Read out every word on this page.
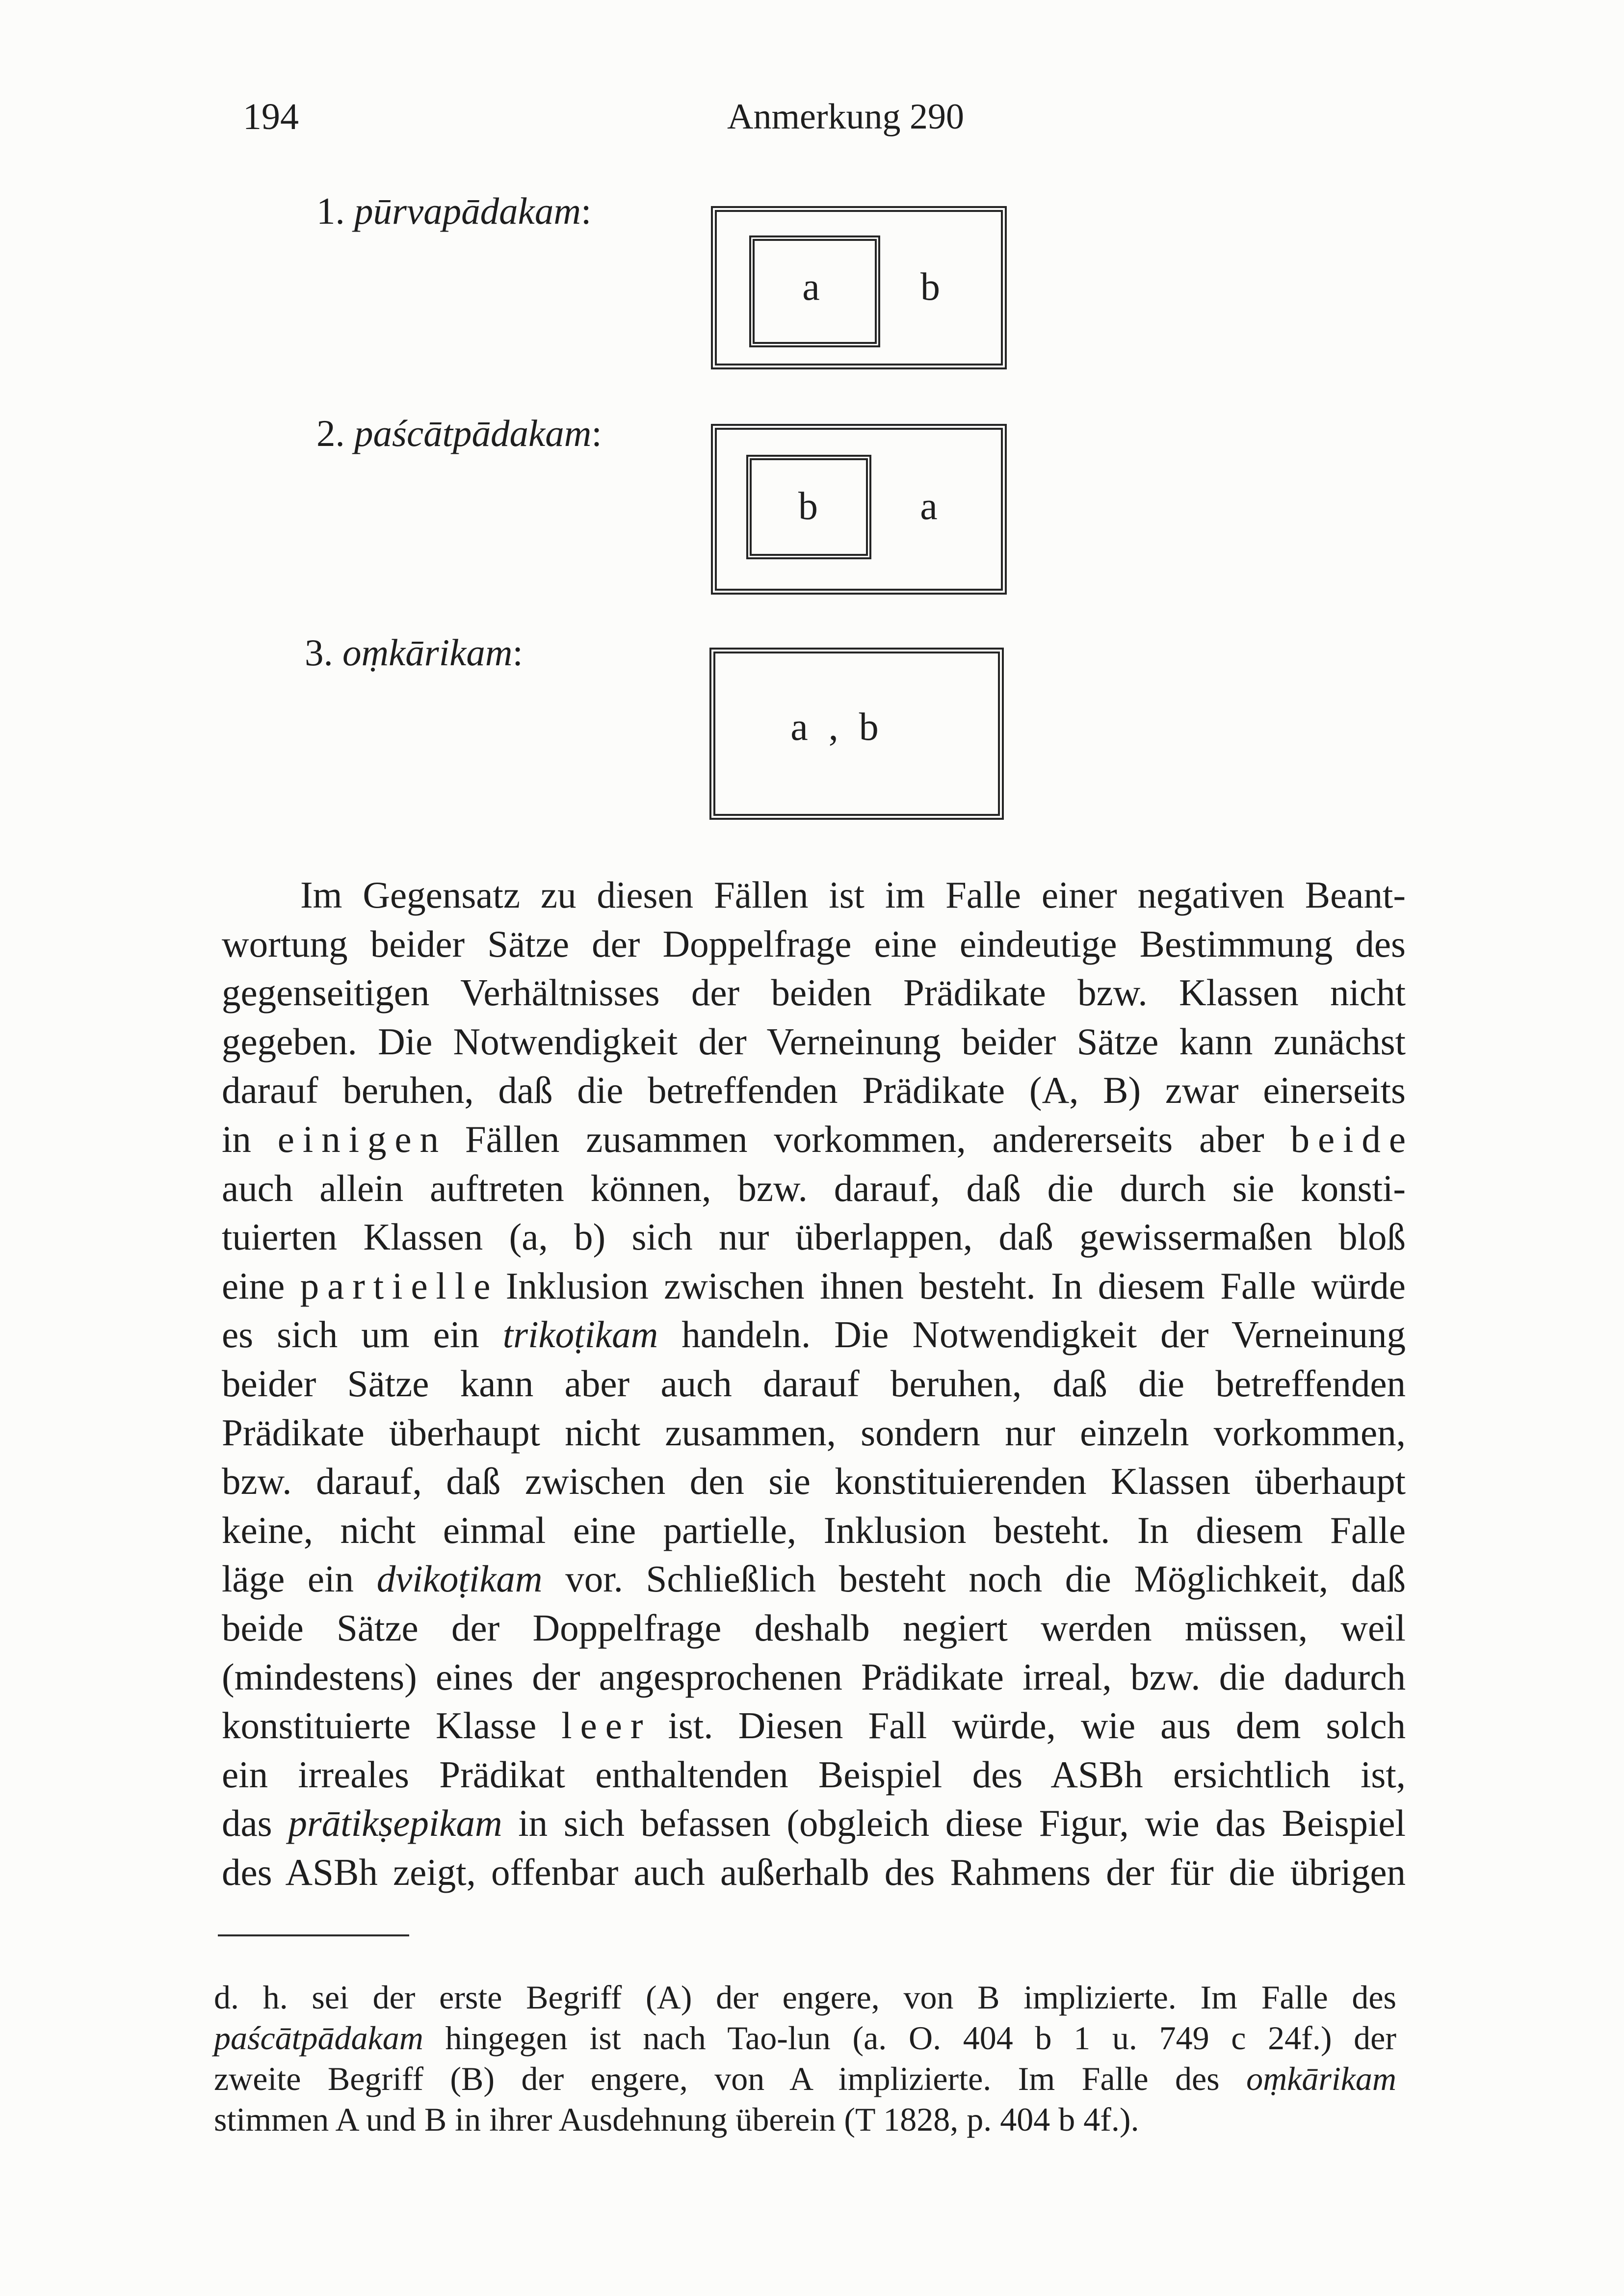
194	Anmerkung 290
1. pūrvapādakam:
a	b
2. paścātpādakam:
b	a
3. oṃkārikam:
a , b
Im Gegensatz zu diesen Fällen ist im Falle einer negativen Beant-
wortung beider Sätze der Doppelfrage eine eindeutige Bestimmung des
gegenseitigen Verhältnisses der beiden Prädikate bzw. Klassen nicht
gegeben. Die Notwendigkeit der Verneinung beider Sätze kann zunächst
darauf beruhen, daß die betreffenden Prädikate (A, B) zwar einerseits
in einigen Fällen zusammen vorkommen, andererseits aber beide
auch allein auftreten können, bzw. darauf, daß die durch sie konsti-
tuierten Klassen (a, b) sich nur überlappen, daß gewissermaßen bloß
eine partielle Inklusion zwischen ihnen besteht. In diesem Falle würde
es sich um ein trikoṭikam handeln. Die Notwendigkeit der Verneinung
beider Sätze kann aber auch darauf beruhen, daß die betreffenden
Prädikate überhaupt nicht zusammen, sondern nur einzeln vorkommen,
bzw. darauf, daß zwischen den sie konstituierenden Klassen überhaupt
keine, nicht einmal eine partielle, Inklusion besteht. In diesem Falle
läge ein dvikoṭikam vor. Schließlich besteht noch die Möglichkeit, daß
beide Sätze der Doppelfrage deshalb negiert werden müssen, weil
(mindestens) eines der angesprochenen Prädikate irreal, bzw. die dadurch
konstituierte Klasse leer ist. Diesen Fall würde, wie aus dem solch
ein irreales Prädikat enthaltenden Beispiel des ASBh ersichtlich ist,
das prātikṣepikam in sich befassen (obgleich diese Figur, wie das Beispiel
des ASBh zeigt, offenbar auch außerhalb des Rahmens der für die übrigen
d. h. sei der erste Begriff (A) der engere, von B implizierte. Im Falle des
paścātpādakam hingegen ist nach Tao-lun (a. O. 404 b 1 u. 749 c 24f.) der
zweite Begriff (B) der engere, von A implizierte. Im Falle des oṃkārikam
stimmen A und B in ihrer Ausdehnung überein (T 1828, p. 404 b 4f.).
